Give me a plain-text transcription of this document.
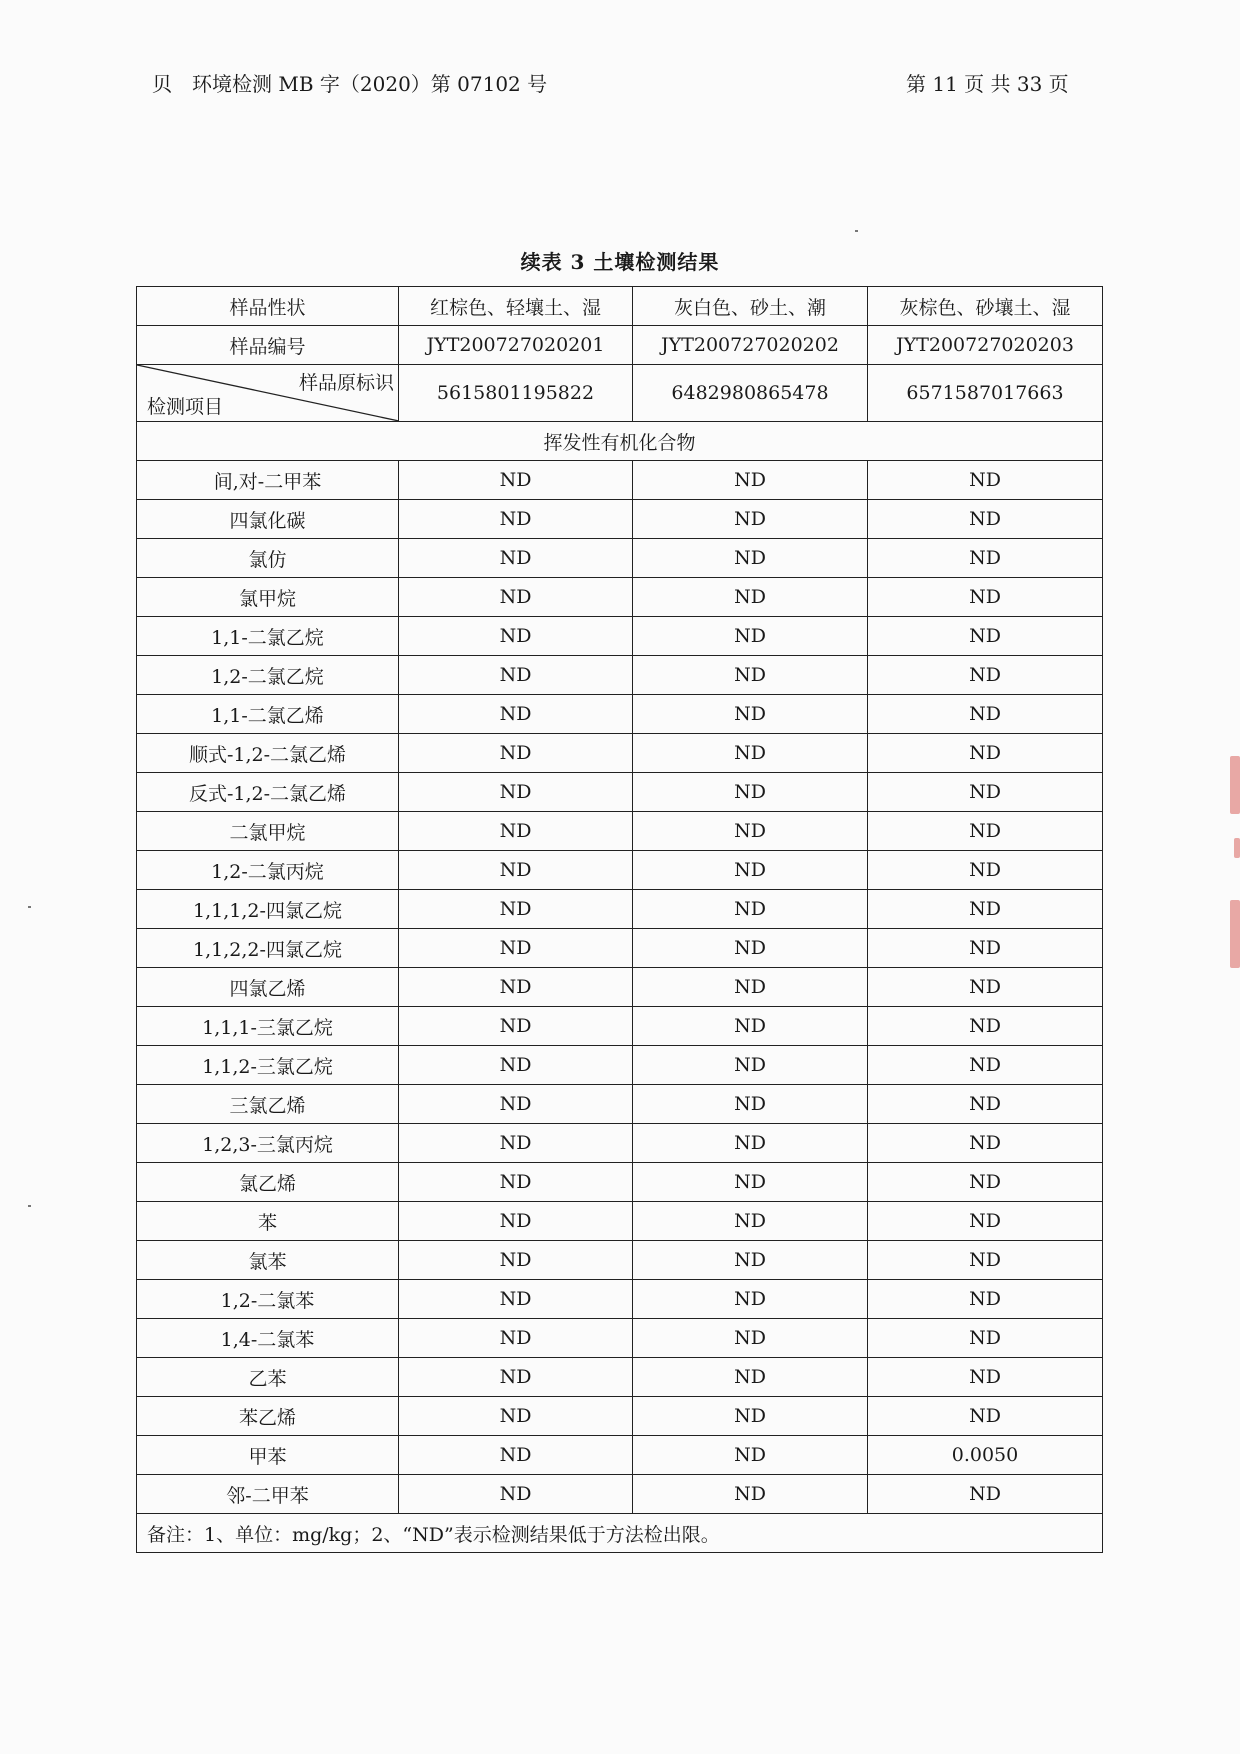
贝　环境检测 MB 字（2020）第 07102 号	第 11 页 共 33 页
续表 3 土壤检测结果
样品性状	红棕色、轻壤土、湿	灰白色、砂土、潮	灰棕色、砂壤土、湿
样品编号	JYT200727020201	JYT200727020202	JYT200727020203

样品原标识
检测项目	5615801195822	6482980865478	6571587017663
挥发性有机化合物			
间,对-二甲苯	ND	ND	ND
四氯化碳	ND	ND	ND
氯仿	ND	ND	ND
氯甲烷	ND	ND	ND
1,1-二氯乙烷	ND	ND	ND
1,2-二氯乙烷	ND	ND	ND
1,1-二氯乙烯	ND	ND	ND
顺式-1,2-二氯乙烯	ND	ND	ND
反式-1,2-二氯乙烯	ND	ND	ND
二氯甲烷	ND	ND	ND
1,2-二氯丙烷	ND	ND	ND
1,1,1,2-四氯乙烷	ND	ND	ND
1,1,2,2-四氯乙烷	ND	ND	ND
四氯乙烯	ND	ND	ND
1,1,1-三氯乙烷	ND	ND	ND
1,1,2-三氯乙烷	ND	ND	ND
三氯乙烯	ND	ND	ND
1,2,3-三氯丙烷	ND	ND	ND
氯乙烯	ND	ND	ND
苯	ND	ND	ND
氯苯	ND	ND	ND
1,2-二氯苯	ND	ND	ND
1,4-二氯苯	ND	ND	ND
乙苯	ND	ND	ND
苯乙烯	ND	ND	ND
甲苯	ND	ND	0.0050
邻-二甲苯	ND	ND	ND
备注：1、单位：mg/kg；2、“ND”表示检测结果低于方法检出限。			
